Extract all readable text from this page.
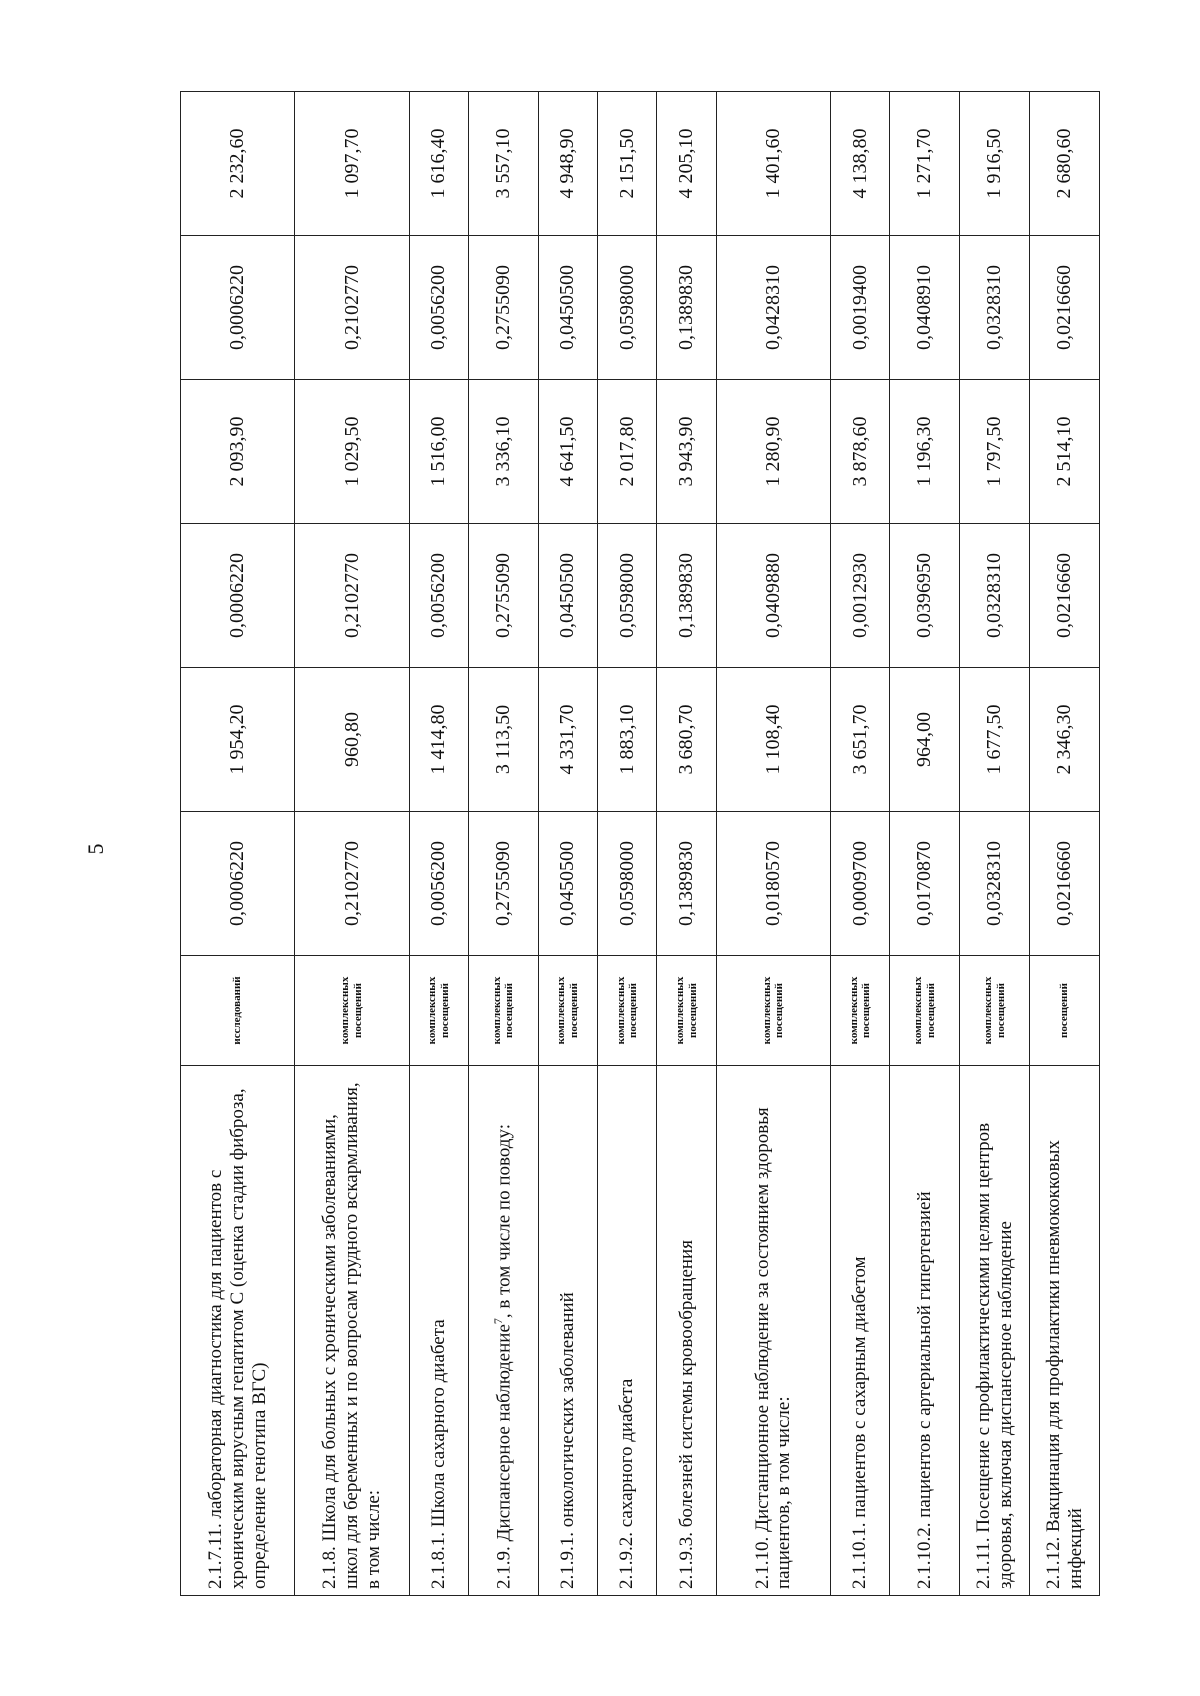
5
2.1.7.11. лабораторная диагностика для пациентов с хроническим вирусным гепатитом С (оценка стадии фиброза, определение генотипа ВГС)	исследований	0,0006220	1 954,20	0,0006220	2 093,90	0,0006220	2 232,60
2.1.8. Школа для больных с хроническими заболеваниями, школ для беременных и по вопросам грудного вскармливания, в том числе:	комплексных посещений	0,2102770	960,80	0,2102770	1 029,50	0,2102770	1 097,70
2.1.8.1. Школа сахарного диабета	комплексных посещений	0,0056200	1 414,80	0,0056200	1 516,00	0,0056200	1 616,40
2.1.9. Диспансерное наблюдение$^7$, в том числе по поводу:	комплексных посещений	0,2755090	3 113,50	0,2755090	3 336,10	0,2755090	3 557,10
2.1.9.1. онкологических заболеваний	комплексных посещений	0,0450500	4 331,70	0,0450500	4 641,50	0,0450500	4 948,90
2.1.9.2. сахарного диабета	комплексных посещений	0,0598000	1 883,10	0,0598000	2 017,80	0,0598000	2 151,50
2.1.9.3. болезней системы кровообращения	комплексных посещений	0,1389830	3 680,70	0,1389830	3 943,90	0,1389830	4 205,10
2.1.10. Дистанционное наблюдение за состоянием здоровья пациентов, в том числе:	комплексных посещений	0,0180570	1 108,40	0,0409880	1 280,90	0,0428310	1 401,60
2.1.10.1. пациентов с сахарным диабетом	комплексных посещений	0,0009700	3 651,70	0,0012930	3 878,60	0,0019400	4 138,80
2.1.10.2. пациентов с артериальной гипертензией	комплексных посещений	0,0170870	964,00	0,0396950	1 196,30	0,0408910	1 271,70
2.1.11. Посещение с профилактическими целями центров здоровья, включая диспансерное наблюдение	комплексных посещений	0,0328310	1 677,50	0,0328310	1 797,50	0,0328310	1 916,50
2.1.12. Вакцинация для профилактики пневмококковых инфекций	посещений	0,0216660	2 346,30	0,0216660	2 514,10	0,0216660	2 680,60
